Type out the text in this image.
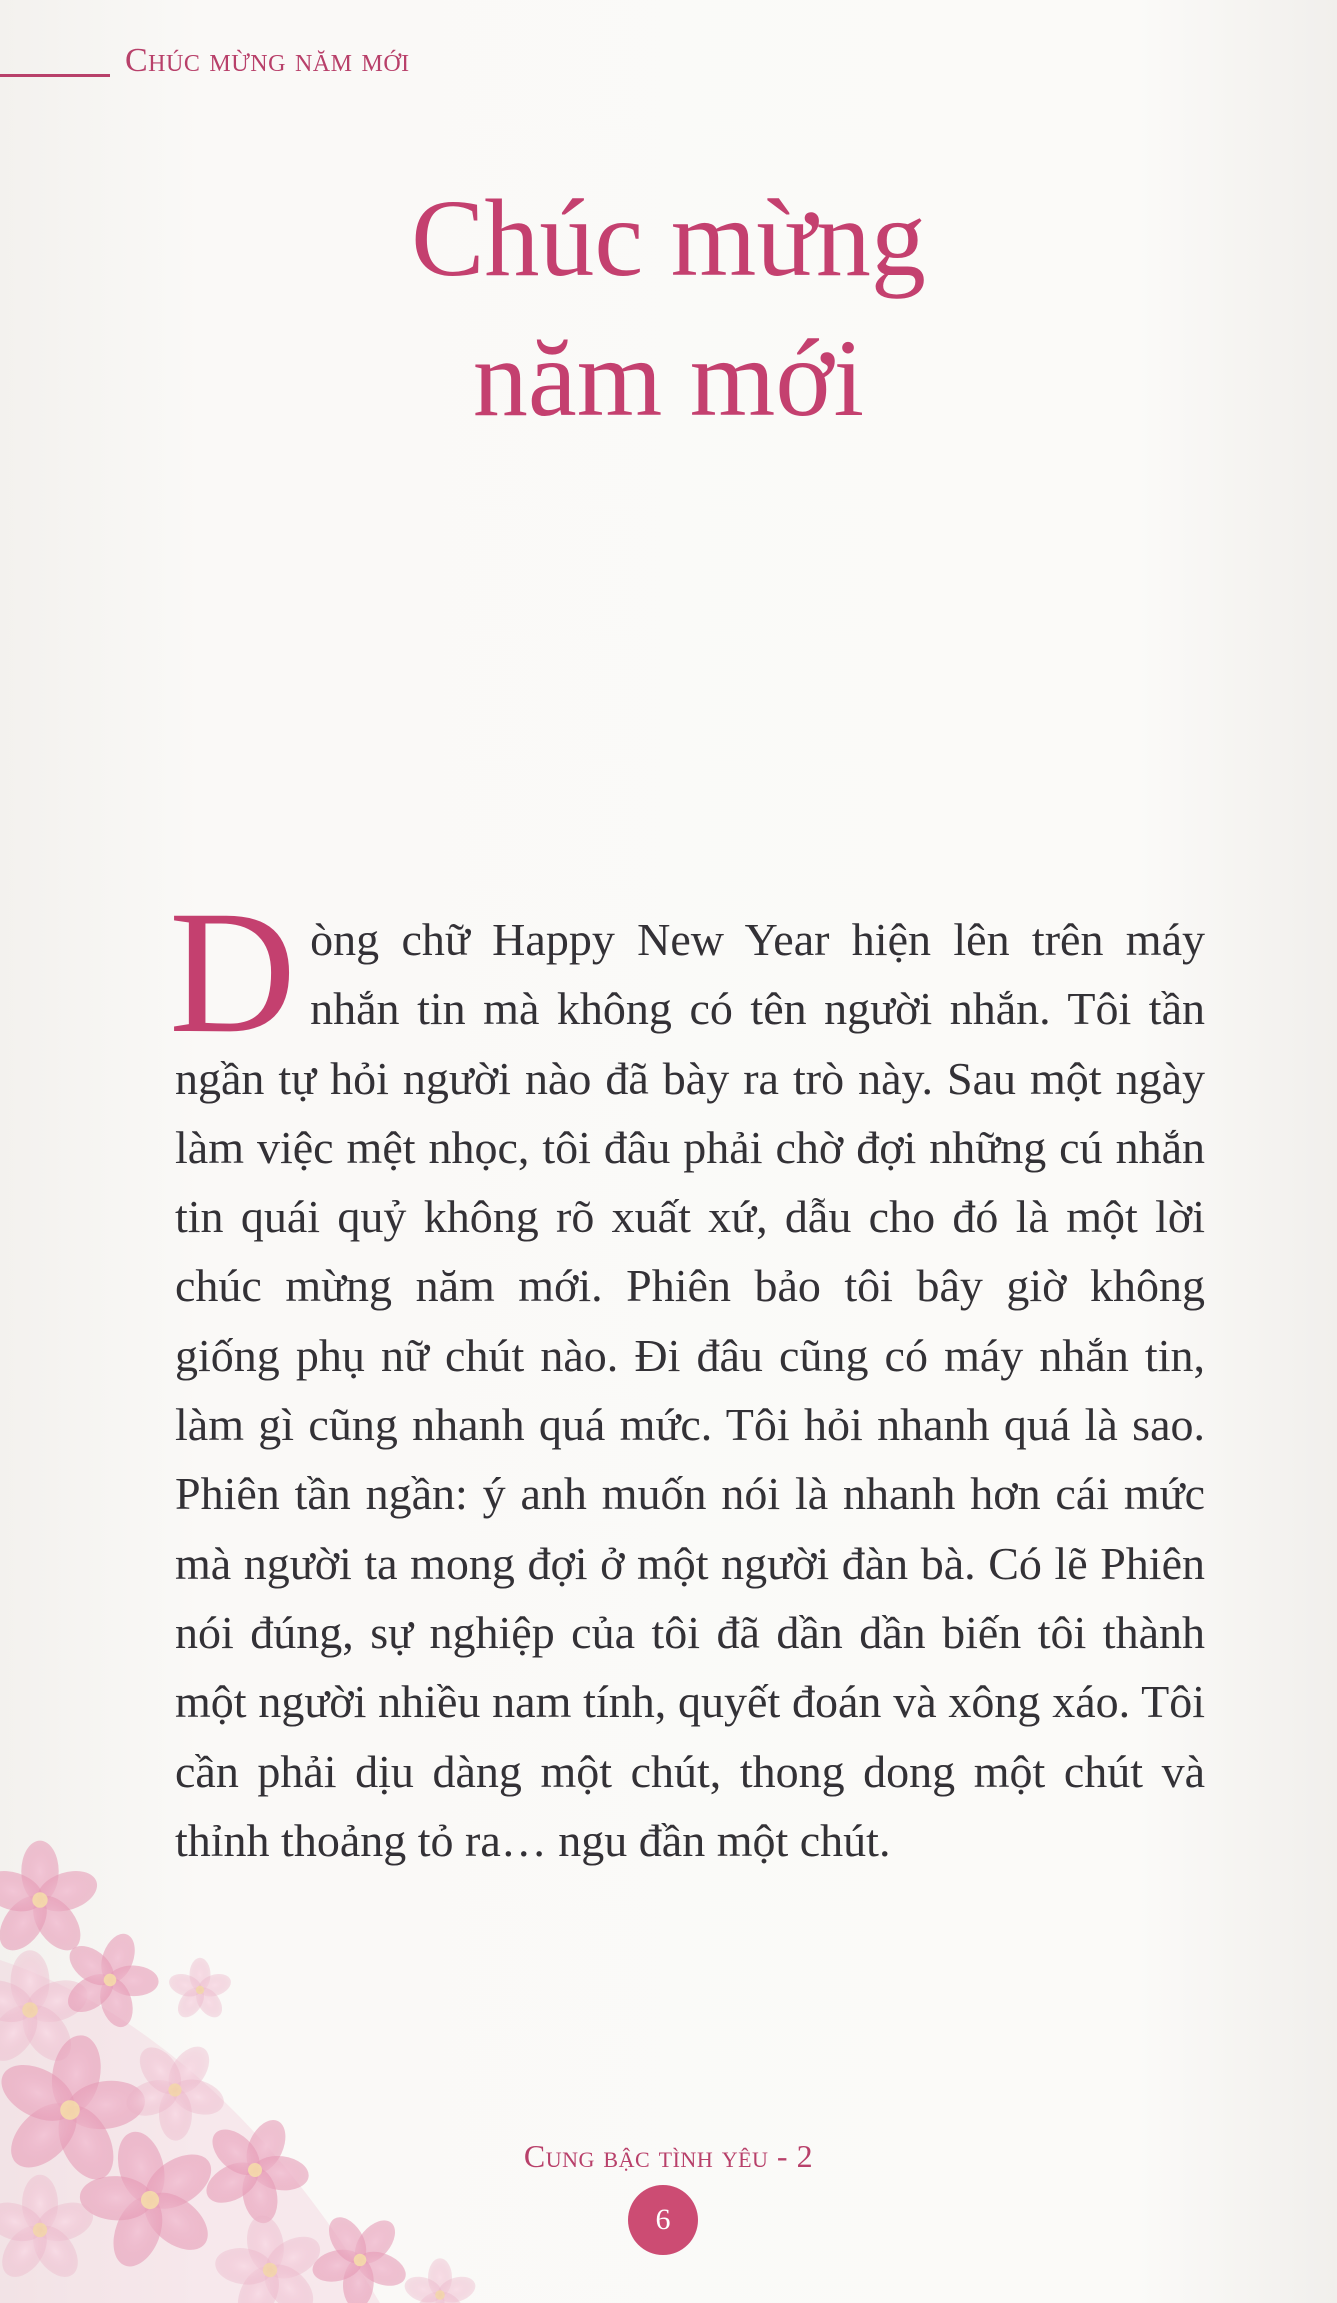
Chúc mừng năm mới
Chúc mừng
năm mới

Dòng chữ Happy New Year hiện lên trên máy nhắn tin mà không có tên người nhắn. Tôi tần ngần tự hỏi người nào đã bày ra trò này. Sau một ngày làm việc mệt nhọc, tôi đâu phải chờ đợi những cú nhắn tin quái quỷ không rõ xuất xứ, dẫu cho đó là một lời chúc mừng năm mới. Phiên bảo tôi bây giờ không giống phụ nữ chút nào. Đi đâu cũng có máy nhắn tin, làm gì cũng nhanh quá mức. Tôi hỏi nhanh quá là sao. Phiên tần ngần: ý anh muốn nói là nhanh hơn cái mức mà người ta mong đợi ở một người đàn bà. Có lẽ Phiên nói đúng, sự nghiệp của tôi đã dần dần biến tôi thành một người nhiều nam tính, quyết đoán và xông xáo. Tôi cần phải dịu dàng một chút, thong dong một chút và thỉnh thoảng tỏ ra… ngu đần một chút.

Cung bậc tình yêu - 2
6
